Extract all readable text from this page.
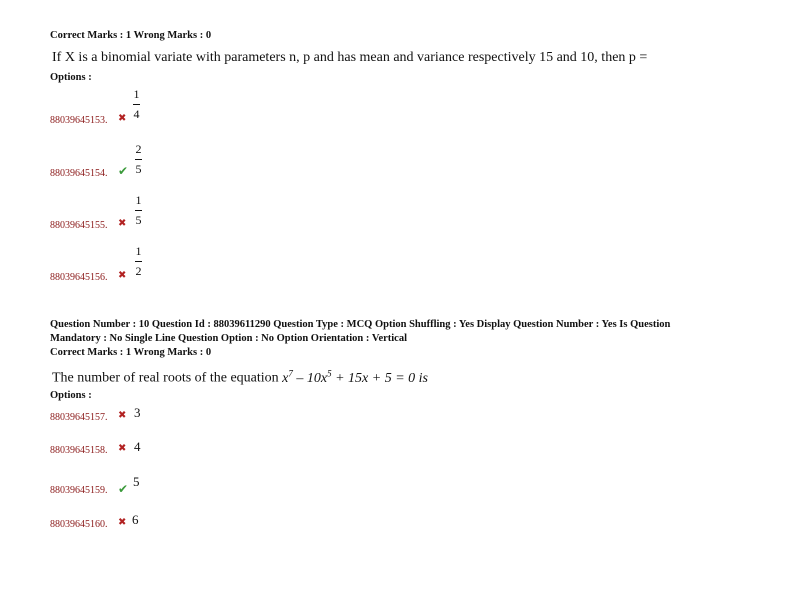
Correct Marks : 1 Wrong Marks : 0
If X is a binomial variate with parameters n, p and has mean and variance respectively 15 and 10, then p =
Options :
88039645153. ✖
1
4
88039645154. ✔
2
5
88039645155. ✖
1
5
88039645156. ✖
1
2
Question Number : 10 Question Id : 88039611290 Question Type : MCQ Option Shuffling : Yes Display Question Number : Yes Is Question
Mandatory : No Single Line Question Option : No Option Orientation : Vertical
Correct Marks : 1 Wrong Marks : 0
The number of real roots of the equation $x^7 - 10x^5 + 15x + 5 = 0$ is
Options :
88039645157. ✖ 3
88039645158. ✖ 4
88039645159. ✔ 5
88039645160. ✖ 6
